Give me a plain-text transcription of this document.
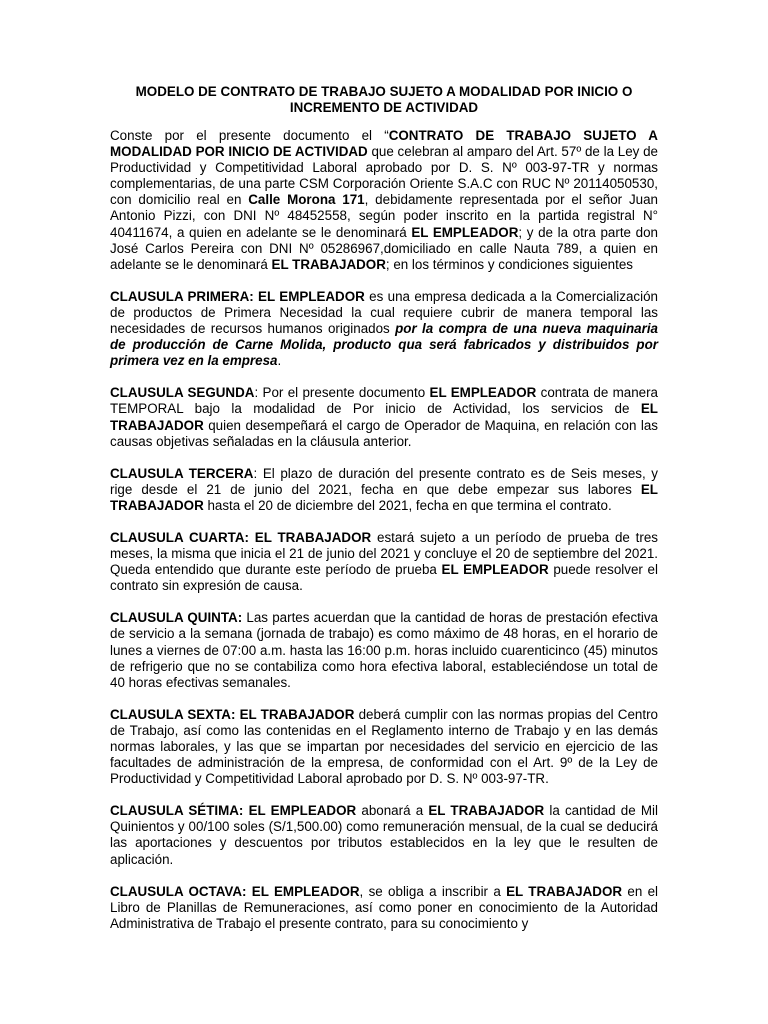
MODELO DE CONTRATO DE TRABAJO SUJETO A MODALIDAD POR INICIO O INCREMENTO DE ACTIVIDAD

Conste por el presente documento el “CONTRATO DE TRABAJO SUJETO A MODALIDAD POR INICIO DE ACTIVIDAD que celebran al amparo del Art. 57º de la Ley de Productividad y Competitividad Laboral aprobado por D. S. Nº 003-97-TR y normas complementarias, de una parte CSM Corporación Oriente S.A.C con RUC Nº 20114050530, con domicilio real en Calle Morona 171, debidamente representada por el señor Juan Antonio Pizzi, con DNI Nº 48452558, según poder inscrito en la partida registral N° 40411674, a quien en adelante se le denominará EL EMPLEADOR; y de la otra parte don José Carlos Pereira con DNI Nº 05286967,domiciliado en calle Nauta 789, a quien en adelante se le denominará EL TRABAJADOR; en los términos y condiciones siguientes

CLAUSULA PRIMERA: EL EMPLEADOR es una empresa dedicada a la Comercialización de productos de Primera Necesidad la cual requiere cubrir de manera temporal las necesidades de recursos humanos originados por la compra de una nueva maquinaria de producción de Carne Molida, producto qua será fabricados y distribuidos por primera vez en la empresa.

CLAUSULA SEGUNDA: Por el presente documento EL EMPLEADOR contrata de manera TEMPORAL bajo la modalidad de Por inicio de Actividad, los servicios de EL TRABAJADOR quien desempeñará el cargo de Operador de Maquina, en relación con las causas objetivas señaladas en la cláusula anterior.

CLAUSULA TERCERA: El plazo de duración del presente contrato es de Seis meses, y rige desde el 21 de junio del 2021, fecha en que debe empezar sus labores EL TRABAJADOR hasta el 20 de diciembre del 2021, fecha en que termina el contrato.

CLAUSULA CUARTA: EL TRABAJADOR estará sujeto a un período de prueba de tres meses, la misma que inicia el 21 de junio del 2021 y concluye el 20 de septiembre del 2021. Queda entendido que durante este período de prueba EL EMPLEADOR puede resolver el contrato sin expresión de causa.

CLAUSULA QUINTA: Las partes acuerdan que la cantidad de horas de prestación efectiva de servicio a la semana (jornada de trabajo) es como máximo de 48 horas, en el horario de lunes a viernes de 07:00 a.m. hasta las 16:00 p.m. horas incluido cuarenticinco (45) minutos de refrigerio que no se contabiliza como hora efectiva laboral, estableciéndose un total de 40 horas efectivas semanales.

CLAUSULA SEXTA: EL TRABAJADOR deberá cumplir con las normas propias del Centro de Trabajo, así como las contenidas en el Reglamento interno de Trabajo y en las demás normas laborales, y las que se impartan por necesidades del servicio en ejercicio de las facultades de administración de la empresa, de conformidad con el Art. 9º de la Ley de Productividad y Competitividad Laboral aprobado por D. S. Nº 003-97-TR.

CLAUSULA SÉTIMA: EL EMPLEADOR abonará a EL TRABAJADOR la cantidad de Mil Quinientos y 00/100 soles (S/1,500.00) como remuneración mensual, de la cual se deducirá las aportaciones y descuentos por tributos establecidos en la ley que le resulten de aplicación.

CLAUSULA OCTAVA: EL EMPLEADOR, se obliga a inscribir a EL TRABAJADOR en el Libro de Planillas de Remuneraciones, así como poner en conocimiento de la Autoridad Administrativa de Trabajo el presente contrato, para su conocimiento y
